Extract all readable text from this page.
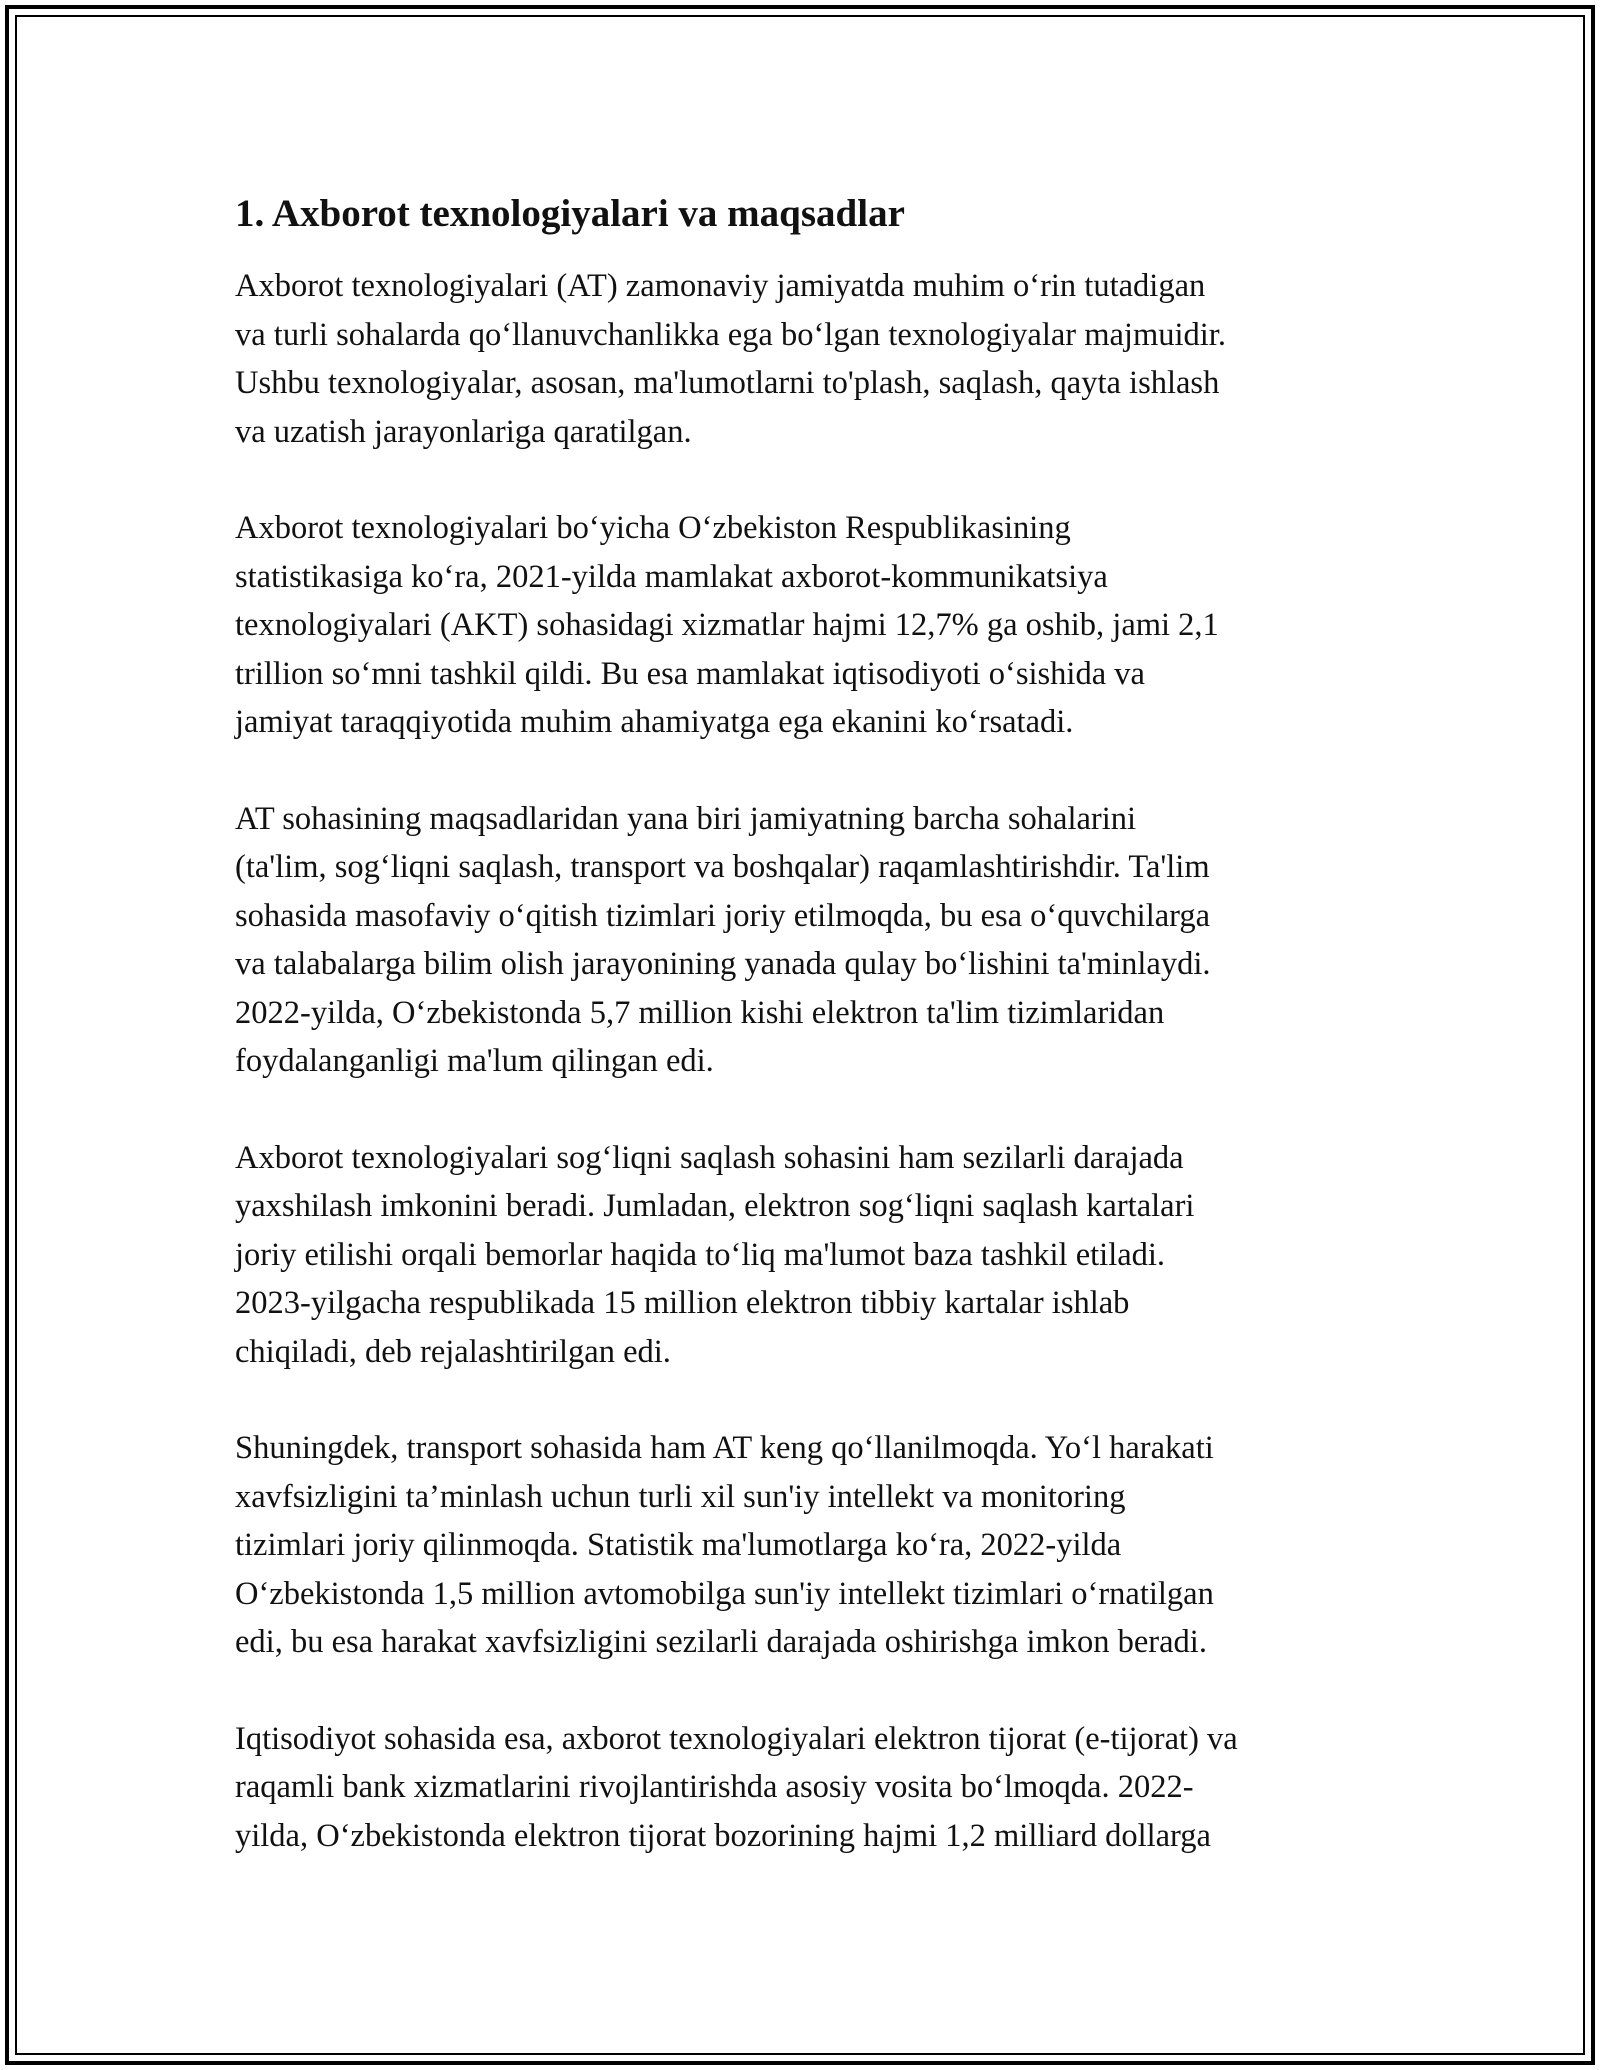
1. Axborot texnologiyalari va maqsadlar

Axborot texnologiyalari (AT) zamonaviy jamiyatda muhim o‘rin tutadigan
va turli sohalarda qo‘llanuvchanlikka ega bo‘lgan texnologiyalar majmuidir.
Ushbu texnologiyalar, asosan, ma'lumotlarni to'plash, saqlash, qayta ishlash
va uzatish jarayonlariga qaratilgan.

Axborot texnologiyalari bo‘yicha O‘zbekiston Respublikasining
statistikasiga ko‘ra, 2021-yilda mamlakat axborot-kommunikatsiya
texnologiyalari (AKT) sohasidagi xizmatlar hajmi 12,7% ga oshib, jami 2,1
trillion so‘mni tashkil qildi. Bu esa mamlakat iqtisodiyoti o‘sishida va
jamiyat taraqqiyotida muhim ahamiyatga ega ekanini ko‘rsatadi.

AT sohasining maqsadlaridan yana biri jamiyatning barcha sohalarini
(ta'lim, sog‘liqni saqlash, transport va boshqalar) raqamlashtirishdir. Ta'lim
sohasida masofaviy o‘qitish tizimlari joriy etilmoqda, bu esa o‘quvchilarga
va talabalarga bilim olish jarayonining yanada qulay bo‘lishini ta'minlaydi.
2022-yilda, O‘zbekistonda 5,7 million kishi elektron ta'lim tizimlaridan
foydalanganligi ma'lum qilingan edi.

Axborot texnologiyalari sog‘liqni saqlash sohasini ham sezilarli darajada
yaxshilash imkonini beradi. Jumladan, elektron sog‘liqni saqlash kartalari
joriy etilishi orqali bemorlar haqida to‘liq ma'lumot baza tashkil etiladi.
2023-yilgacha respublikada 15 million elektron tibbiy kartalar ishlab
chiqiladi, deb rejalashtirilgan edi.

Shuningdek, transport sohasida ham AT keng qo‘llanilmoqda. Yo‘l harakati
xavfsizligini ta’minlash uchun turli xil sun'iy intellekt va monitoring
tizimlari joriy qilinmoqda. Statistik ma'lumotlarga ko‘ra, 2022-yilda
O‘zbekistonda 1,5 million avtomobilga sun'iy intellekt tizimlari o‘rnatilgan
edi, bu esa harakat xavfsizligini sezilarli darajada oshirishga imkon beradi.

Iqtisodiyot sohasida esa, axborot texnologiyalari elektron tijorat (e-tijorat) va
raqamli bank xizmatlarini rivojlantirishda asosiy vosita bo‘lmoqda. 2022-
yilda, O‘zbekistonda elektron tijorat bozorining hajmi 1,2 milliard dollarga
